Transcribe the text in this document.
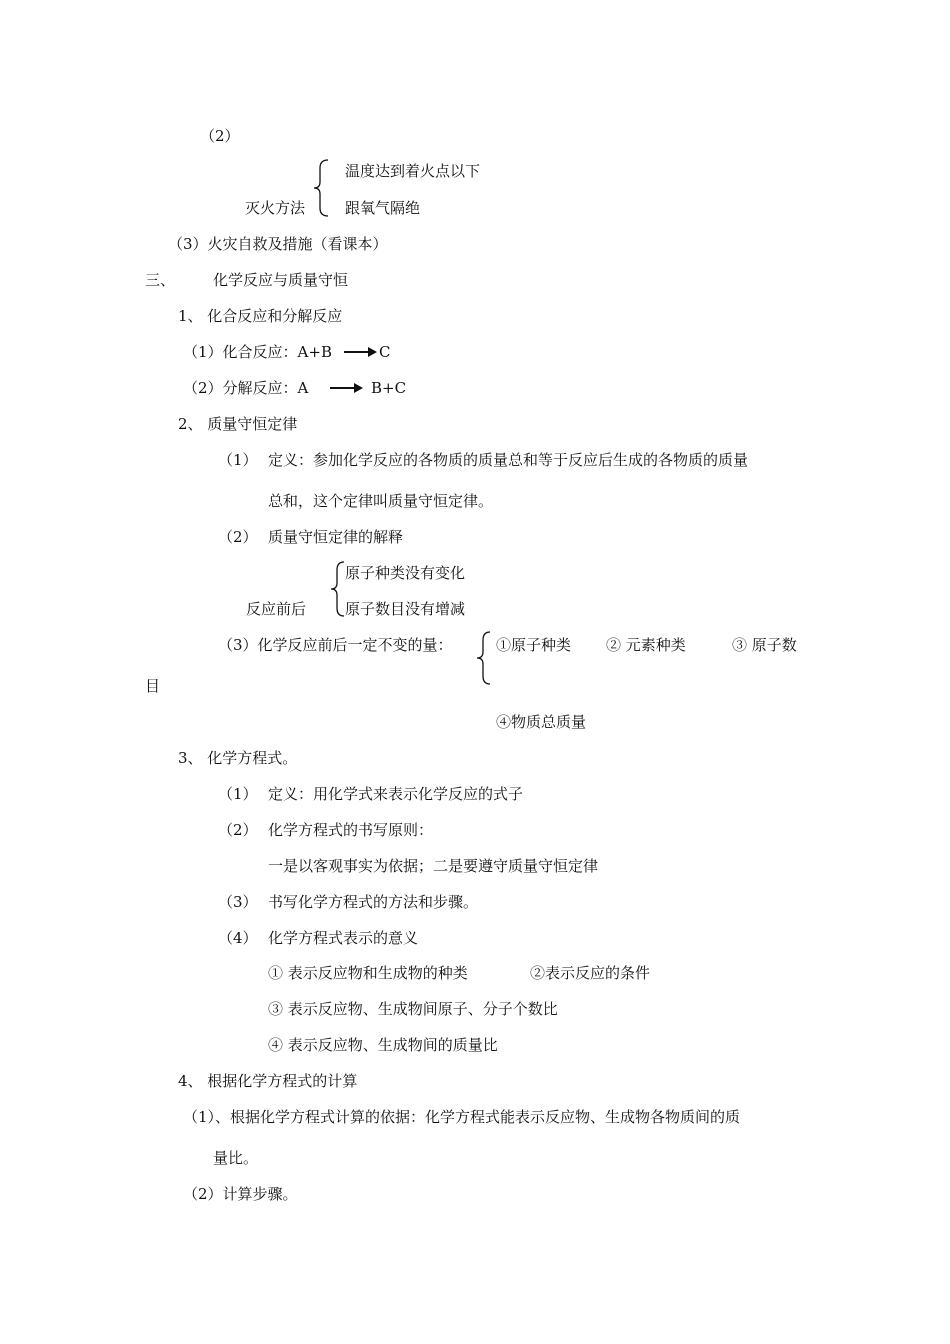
（2）
温度达到着火点以下
灭火方法	跟氧气隔绝
（3）火灾自救及措施（看课本）
三、	化学反应与质量守恒
1、 化合反应和分解反应
（1）化合反应：A+B	C
（2）分解反应：A	B+C
2、 质量守恒定律
（1） 定义：参加化学反应的各物质的质量总和等于反应后生成的各物质的质量
总和，这个定律叫质量守恒定律。
（2） 质量守恒定律的解释
原子种类没有变化
反应前后	原子数目没有增减
（3）化学反应前后一定不变的量：	①原子种类 ② 元素种类	③ 原子数
目
④物质总质量
3、 化学方程式。
（1） 定义：用化学式来表示化学反应的式子
（2） 化学方程式的书写原则：
一是以客观事实为依据；二是要遵守质量守恒定律
（3） 书写化学方程式的方法和步骤。
（4） 化学方程式表示的意义
① 表示反应物和生成物的种类	②表示反应的条件
③ 表示反应物、生成物间原子、分子个数比
④ 表示反应物、生成物间的质量比
4、 根据化学方程式的计算
（1）、根据化学方程式计算的依据：化学方程式能表示反应物、生成物各物质间的质
量比。
（2）计算步骤。
